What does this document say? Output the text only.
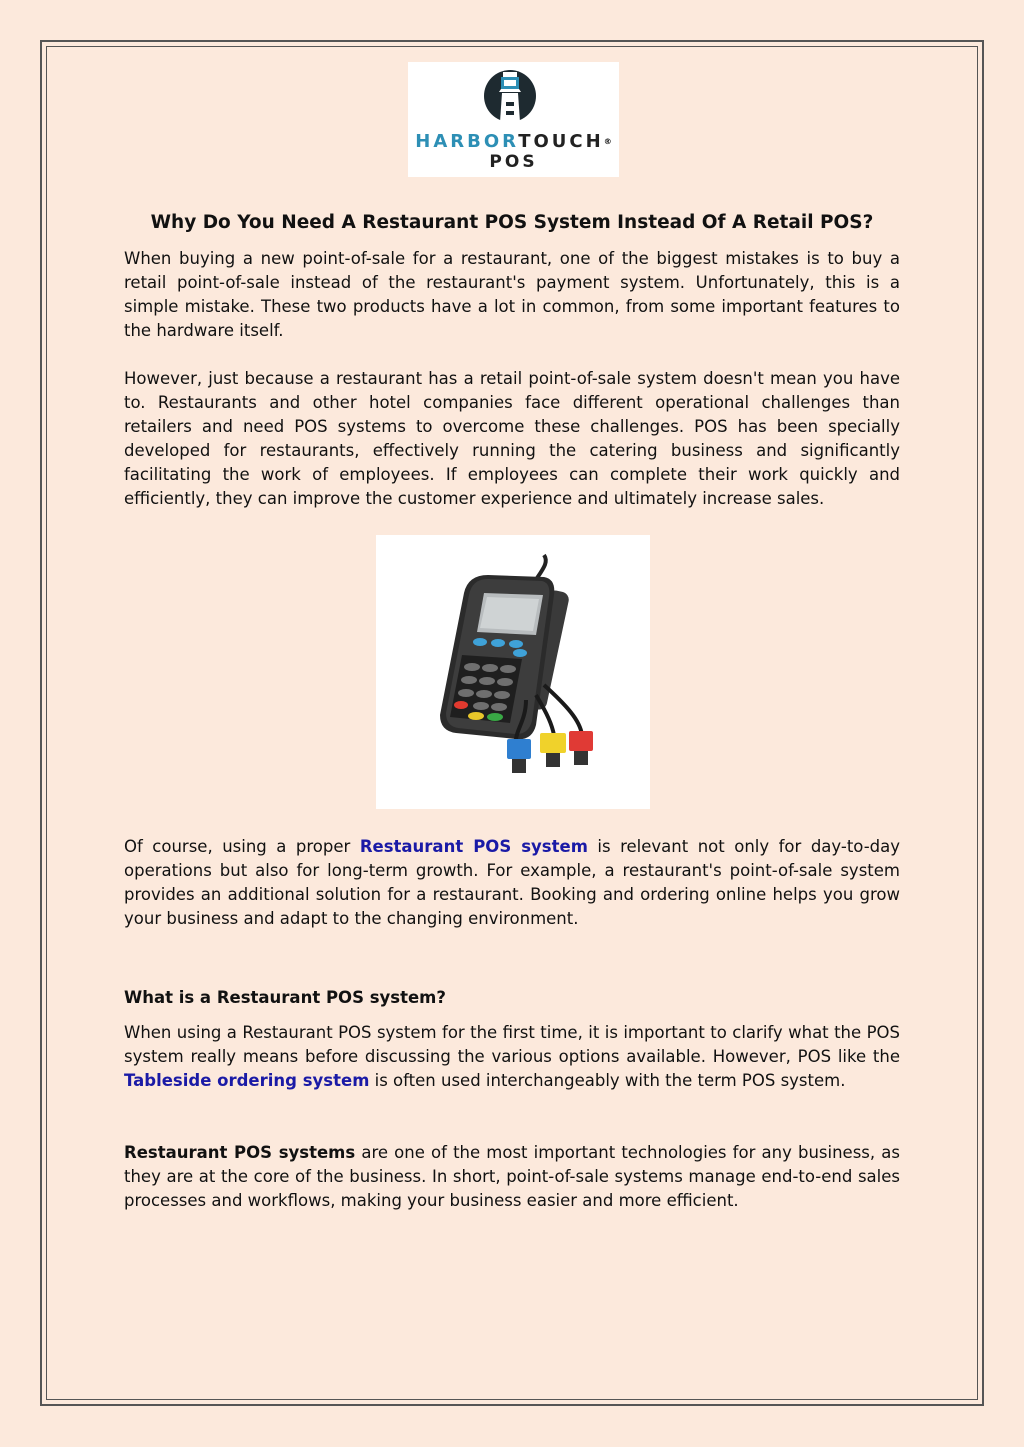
HARBORTOUCH®
POS
Why Do You Need A Restaurant POS System Instead Of A Retail POS?

When buying a new point-of-sale for a restaurant, one of the biggest mistakes is to buy a retail point-of-sale instead of the restaurant's payment system. Unfortunately, this is a simple mistake. These two products have a lot in common, from some important features to the hardware itself.

However, just because a restaurant has a retail point-of-sale system doesn't mean you have to. Restaurants and other hotel companies face different operational challenges than retailers and need POS systems to overcome these challenges. POS has been specially developed for restaurants, effectively running the catering business and significantly facilitating the work of employees. If employees can complete their work quickly and efficiently, they can improve the customer experience and ultimately increase sales.

Of course, using a proper Restaurant POS system is relevant not only for day-to-day operations but also for long-term growth. For example, a restaurant's point-of-sale system provides an additional solution for a restaurant. Booking and ordering online helps you grow your business and adapt to the changing environment.

What is a Restaurant POS system?

When using a Restaurant POS system for the first time, it is important to clarify what the POS system really means before discussing the various options available. However, POS like the Tableside ordering system is often used interchangeably with the term POS system.

Restaurant POS systems are one of the most important technologies for any business, as they are at the core of the business. In short, point-of-sale systems manage end-to-end sales processes and workflows, making your business easier and more efficient.
